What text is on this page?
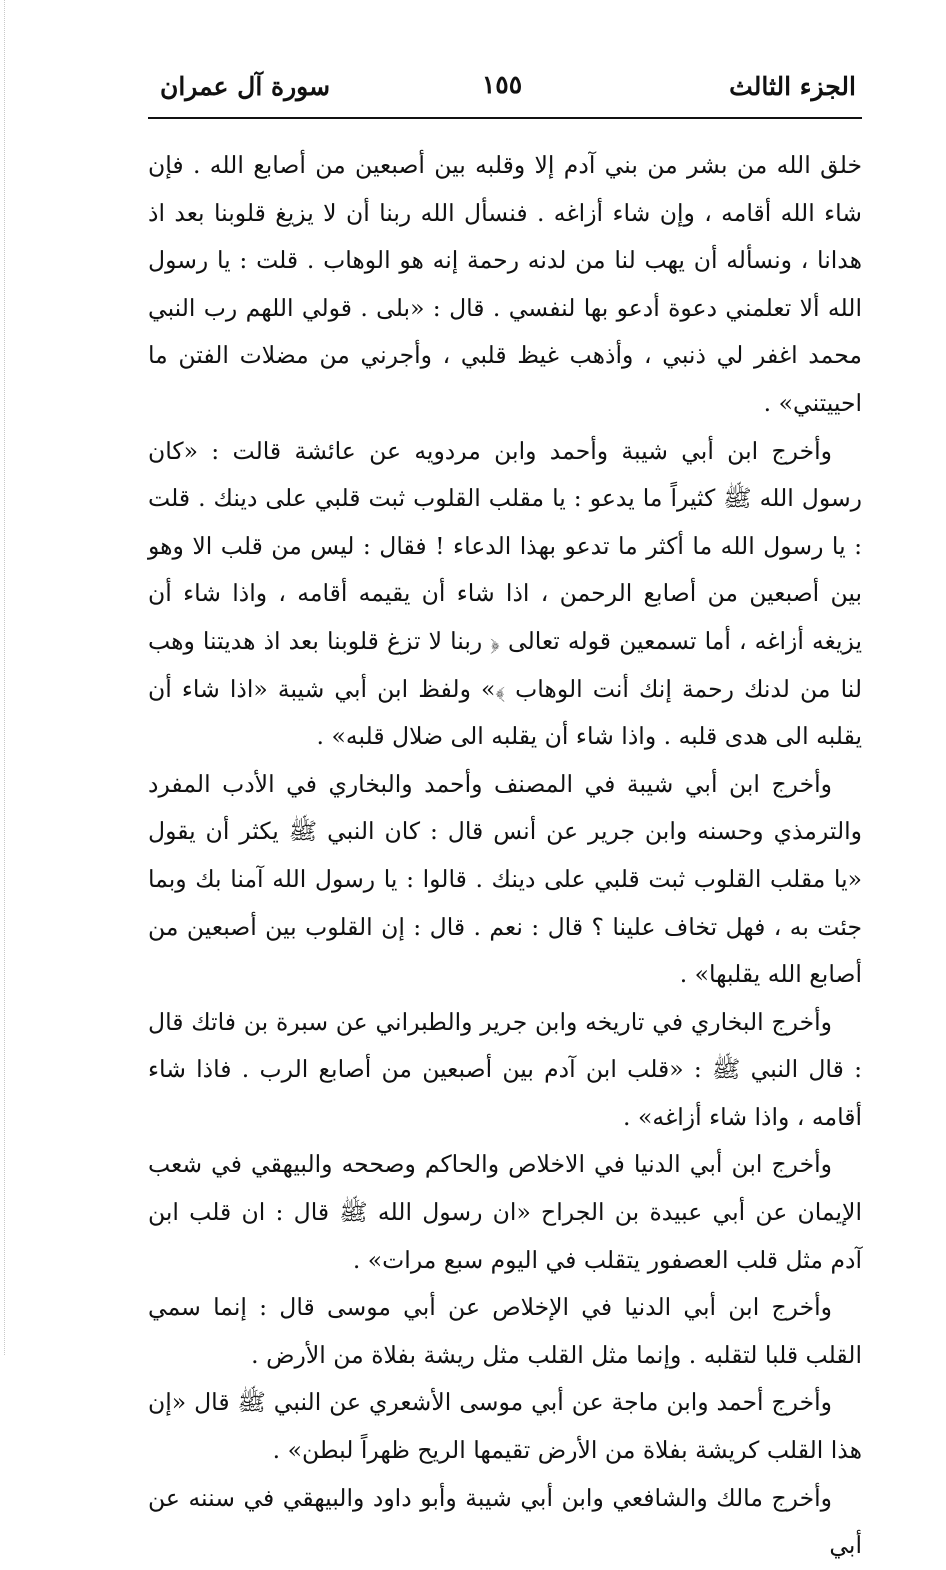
الجزء الثالث
١٥٥
سورة آل عمران

خلق الله من بشر من بني آدم إلا وقلبه بين أصبعين من أصابع الله . فإن شاء الله أقامه ، وإن شاء أزاغه . فنسأل الله ربنا أن لا يزيغ قلوبنا بعد اذ هدانا ، ونسأله أن يهب لنا من لدنه رحمة إنه هو الوهاب . قلت : يا رسول الله ألا تعلمني دعوة أدعو بها لنفسي . قال : «بلى . قولي اللهم رب النبي محمد اغفر لي ذنبي ، وأذهب غيظ قلبي ، وأجرني من مضلات الفتن ما احييتني» .

وأخرج ابن أبي شيبة وأحمد وابن مردويه عن عائشة قالت : «كان رسول الله ﷺ كثيراً ما يدعو : يا مقلب القلوب ثبت قلبي على دينك . قلت : يا رسول الله ما أكثر ما تدعو بهذا الدعاء ! فقال : ليس من قلب الا وهو بين أصبعين من أصابع الرحمن ، اذا شاء أن يقيمه أقامه ، واذا شاء أن يزيغه أزاغه ، أما تسمعين قوله تعالى ﴿ ربنا لا تزغ قلوبنا بعد اذ هديتنا وهب لنا من لدنك رحمة إنك أنت الوهاب ﴾» ولفظ ابن أبي شيبة «اذا شاء أن يقلبه الى هدى قلبه . واذا شاء أن يقلبه الى ضلال قلبه» .

وأخرج ابن أبي شيبة في المصنف وأحمد والبخاري في الأدب المفرد والترمذي وحسنه وابن جرير عن أنس قال : كان النبي ﷺ يكثر أن يقول «يا مقلب القلوب ثبت قلبي على دينك . قالوا : يا رسول الله آمنا بك وبما جئت به ، فهل تخاف علينا ؟ قال : نعم . قال : إن القلوب بين أصبعين من أصابع الله يقلبها» .

وأخرج البخاري في تاريخه وابن جرير والطبراني عن سبرة بن فاتك قال : قال النبي ﷺ : «قلب ابن آدم بين أصبعين من أصابع الرب . فاذا شاء أقامه ، واذا شاء أزاغه» .

وأخرج ابن أبي الدنيا في الاخلاص والحاكم وصححه والبيهقي في شعب الإيمان عن أبي عبيدة بن الجراح «ان رسول الله ﷺ قال : ان قلب ابن آدم مثل قلب العصفور يتقلب في اليوم سبع مرات» .

وأخرج ابن أبي الدنيا في الإخلاص عن أبي موسى قال : إنما سمي القلب قلبا لتقلبه . وإنما مثل القلب مثل ريشة بفلاة من الأرض .

وأخرج أحمد وابن ماجة عن أبي موسى الأشعري عن النبي ﷺ قال «إن هذا القلب كريشة بفلاة من الأرض تقيمها الريح ظهراً لبطن» .

وأخرج مالك والشافعي وابن أبي شيبة وأبو داود والبيهقي في سننه عن أبي
